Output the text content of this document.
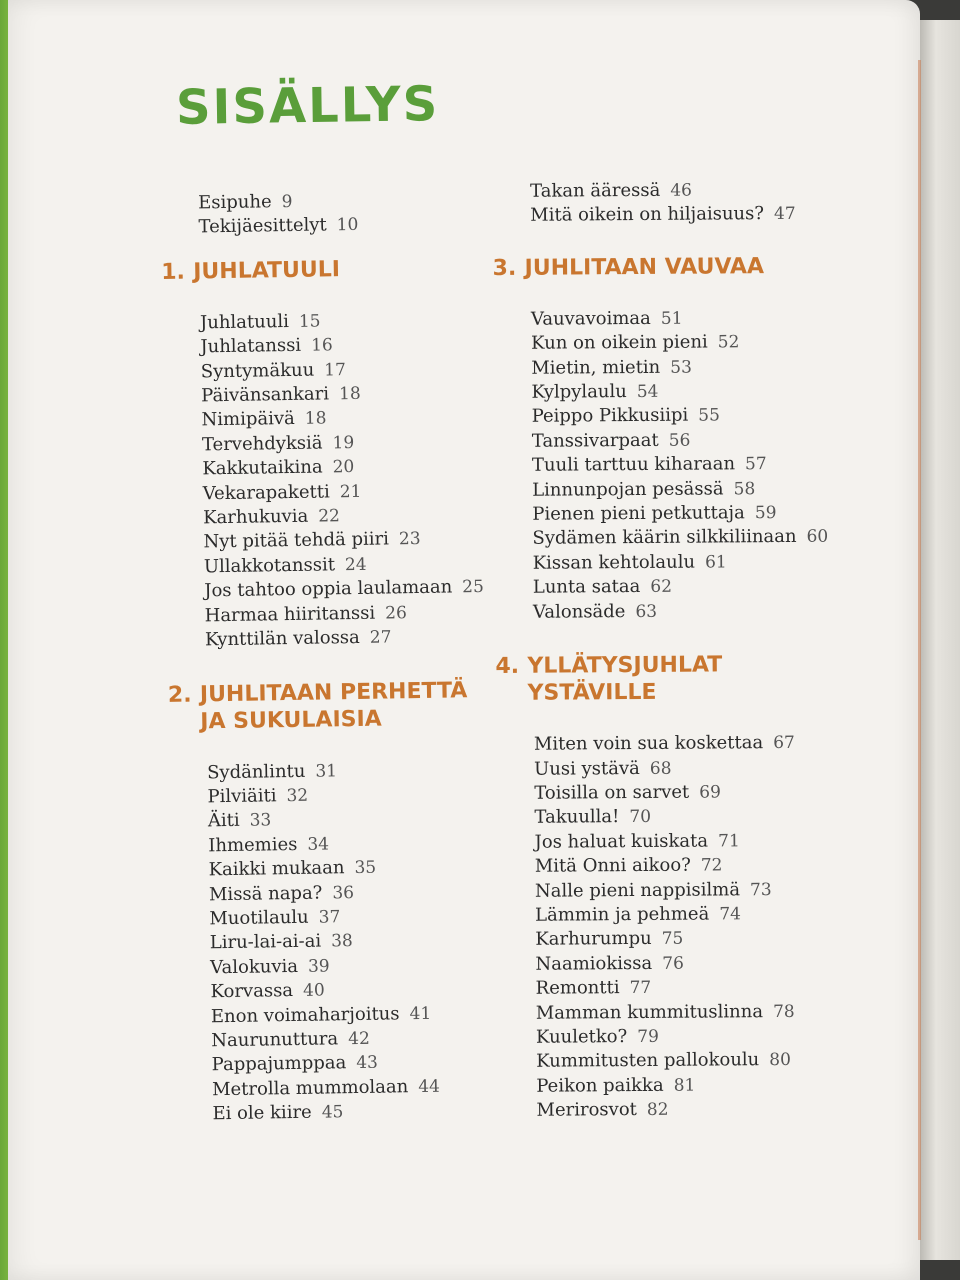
SISÄLLYS
Esipuhe 9
Tekijäesittelyt 10
1. JUHLATUULI
Juhlatuuli 15
Juhlatanssi 16
Syntymäkuu 17
Päivänsankari 18
Nimipäivä 18
Tervehdyksiä 19
Kakkutaikina 20
Vekarapaketti 21
Karhukuvia 22
Nyt pitää tehdä piiri 23
Ullakkotanssit 24
Jos tahtoo oppia laulamaan 25
Harmaa hiiritanssi 26
Kynttilän valossa 27
2. JUHLITAAN PERHETTÄ
JA SUKULAISIA
Sydänlintu 31
Pilviäiti 32
Äiti 33
Ihmemies 34
Kaikki mukaan 35
Missä napa? 36
Muotilaulu 37
Liru-lai-ai-ai 38
Valokuvia 39
Korvassa 40
Enon voimaharjoitus 41
Naurunuttura 42
Pappajumppaa 43
Metrolla mummolaan 44
Ei ole kiire 45
Takan ääressä 46
Mitä oikein on hiljaisuus? 47
3. JUHLITAAN VAUVAA
Vauvavoimaa 51
Kun on oikein pieni 52
Mietin, mietin 53
Kylpylaulu 54
Peippo Pikkusiipi 55
Tanssivarpaat 56
Tuuli tarttuu kiharaan 57
Linnunpojan pesässä 58
Pienen pieni petkuttaja 59
Sydämen käärin silkkiliinaan 60
Kissan kehtolaulu 61
Lunta sataa 62
Valonsäde 63
4. YLLÄTYSJUHLAT
YSTÄVILLE
Miten voin sua koskettaa 67
Uusi ystävä 68
Toisilla on sarvet 69
Takuulla! 70
Jos haluat kuiskata 71
Mitä Onni aikoo? 72
Nalle pieni nappisilmä 73
Lämmin ja pehmeä 74
Karhurumpu 75
Naamiokissa 76
Remontti 77
Mamman kummituslinna 78
Kuuletko? 79
Kummitusten pallokoulu 80
Peikon paikka 81
Merirosvot 82
